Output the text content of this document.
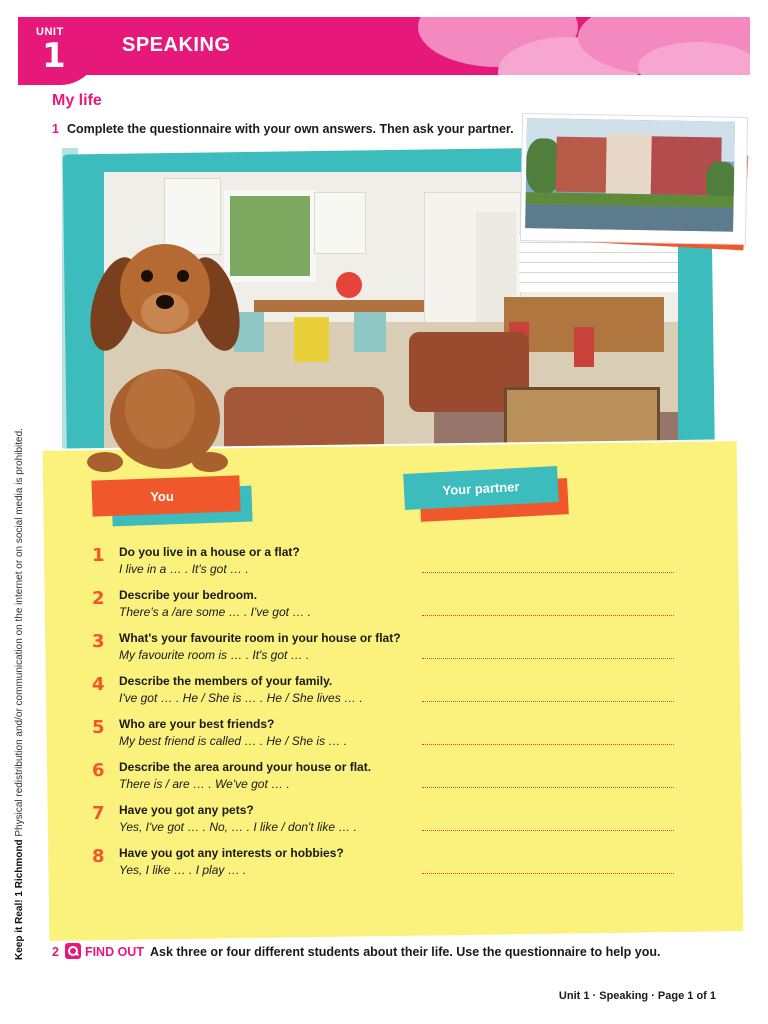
UNIT
1	SPEAKING
My life
1 Complete the questionnaire with your own answers. Then ask your partner.
Keep it Real! 1 Richmond Physical redistribution and/or communication on the internet or on social media is prohibited.	You	Your partner
1 Do you live in a house or a flat?
I live in a … . It's got … .
2 Describe your bedroom.
There's a /are some … . I've got … .
3 What's your favourite room in your house or flat?
My favourite room is … . It's got … .
4 Describe the members of your family.
I've got … . He / She is … . He / She lives … .
5 Who are your best friends?
My best friend is called … . He / She is … .
6 Describe the area around your house or flat.
There is / are … . We've got … .
7 Have you got any pets?
Yes, I've got … . No, … . I like / don't like … .
8 Have you got any interests or hobbies?
Yes, I like … . I play … .
2 FIND OUT Ask three or four different students about their life. Use the questionnaire to help you.
Unit 1 · Speaking · Page 1 of 1
